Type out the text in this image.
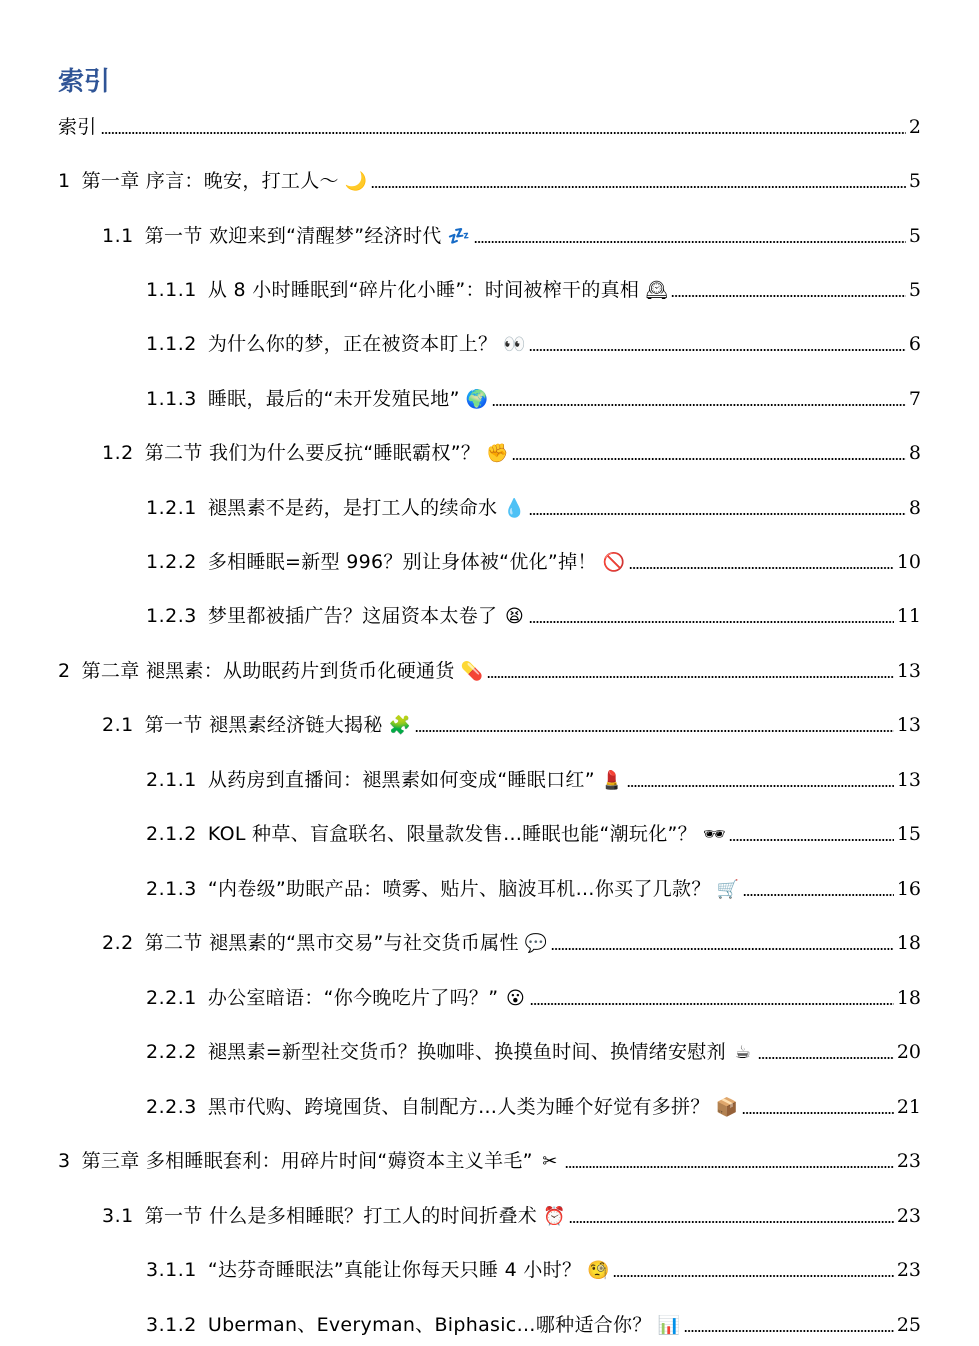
索引
索引	2
1 第一章 序言：晚安，打工人～ 🌙	5
1.1 第一节 欢迎来到“清醒梦”经济时代 💤	5
1.1.1 从 8 小时睡眠到“碎片化小睡”：时间被榨干的真相 🕰	5
1.1.2 为什么你的梦，正在被资本盯上？ 👀	6
1.1.3 睡眠，最后的“未开发殖民地” 🌍	7
1.2 第二节 我们为什么要反抗“睡眠霸权”？ ✊	8
1.2.1 褪黑素不是药，是打工人的续命水 💧	8
1.2.2 多相睡眠=新型 996？别让身体被“优化”掉！ 🚫	10
1.2.3 梦里都被插广告？这届资本太卷了 😫	11
2 第二章 褪黑素：从助眠药片到货币化硬通货 💊	13
2.1 第一节 褪黑素经济链大揭秘 🧩	13
2.1.1 从药房到直播间：褪黑素如何变成“睡眠口红” 💄	13
2.1.2 KOL 种草、盲盒联名、限量款发售…睡眠也能“潮玩化”？ 🕶	15
2.1.3 “内卷级”助眠产品：喷雾、贴片、脑波耳机…你买了几款？ 🛒	16
2.2 第二节 褪黑素的“黑市交易”与社交货币属性 💬	18
2.2.1 办公室暗语：“你今晚吃片了吗？” 😮	18
2.2.2 褪黑素=新型社交货币？换咖啡、换摸鱼时间、换情绪安慰剂 ☕	20
2.2.3 黑市代购、跨境囤货、自制配方…人类为睡个好觉有多拼？ 📦	21
3 第三章 多相睡眠套利：用碎片时间“薅资本主义羊毛” ✂	23
3.1 第一节 什么是多相睡眠？打工人的时间折叠术 ⏰	23
3.1.1 “达芬奇睡眠法”真能让你每天只睡 4 小时？ 🧐	23
3.1.2 Uberman、Everyman、Biphasic…哪种适合你？ 📊	25
